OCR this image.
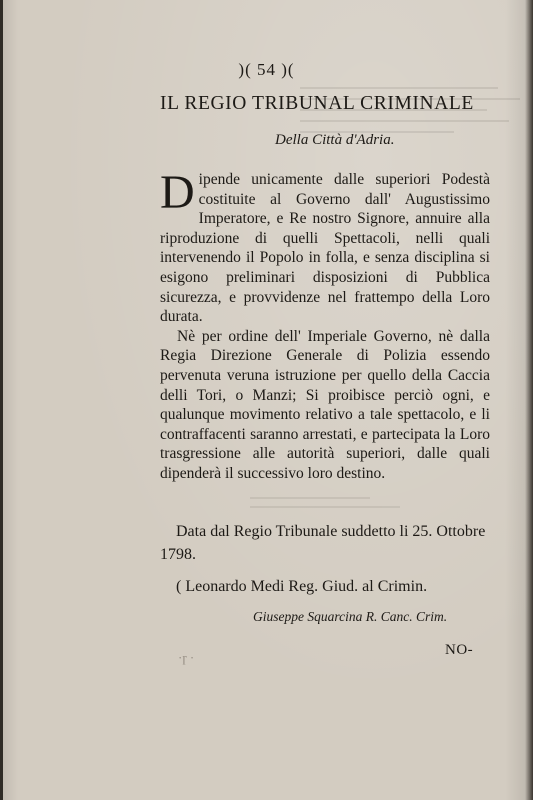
)( 54 )(
IL REGIO TRIBUNAL CRIMINALE
Della Città d'Adria.

Dipende unicamente dalle superiori Podestà costituite al Governo dall' Augustissimo Imperatore, e Re nostro Signore, annuire alla riproduzione di quelli Spettacoli, nelli quali intervenendo il Popolo in folla, e senza disciplina si esigono preliminari disposizioni di Pubblica sicurezza, e provvidenze nel frattempo della Loro durata.

Nè per ordine dell' Imperiale Governo, nè dalla Regia Direzione Generale di Polizia essendo pervenuta veruna istruzione per quello della Caccia delli Tori, o Manzi; Si proibisce perciò ogni, e qualunque movimento relativo a tale spettacolo, e li contraffacenti saranno arrestati, e partecipata la Loro trasgressione alle autorità superiori, dalle quali dipenderà il successivo loro destino.

Data dal Regio Tribunale suddetto li 25. Ottobre 1798.
( Leonardo Medi Reg. Giud. al Crimin.
Giuseppe Squarcina R. Canc. Crim.
·ɼ ·	NO-
